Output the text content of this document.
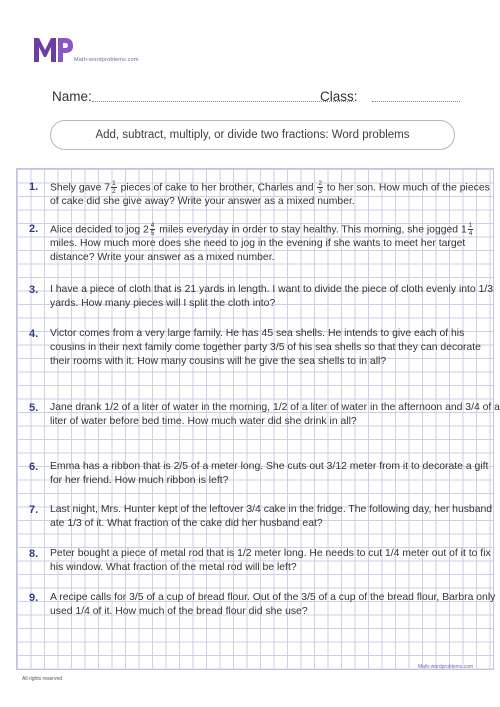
Math-wordproblems.com
Name:	Class:
Add, subtract, multiply, or divide two fractions: Word problems
1. Shely gave $7 \frac{1}{2}$ pieces of cake to her brother, Charles and $\frac{2}{3}$ to her son. How much of the pieces of cake did she give away? Write your answer as a mixed number.
2. Alice decided to jog $2 \frac{4}{5}$ miles everyday in order to stay healthy. This morning, she jogged $1 \frac{1}{4}$
miles. How much more does she need to jog in the evening if she wants to meet her target distance? Write your answer as a mixed number.
3. I have a piece of cloth that is 21 yards in length. I want to divide the piece of cloth evenly into 1/3 yards. How many pieces will I split the cloth into?
4. Victor comes from a very large family. He has 45 sea shells. He intends to give each of his cousins in their next family come together party 3/5 of his sea shells so that they can decorate their rooms with it. How many cousins will he give the sea shells to in all?
5. Jane drank 1/2 of a liter of water in the morning, 1/2 of a liter of water in the afternoon and 3/4 of a liter of water before bed time. How much water did she drink in all?
6. Emma has a ribbon that is 2/5 of a meter long. She cuts out 3/12 meter from it to decorate a gift for her friend. How much ribbon is left?
7. Last night, Mrs. Hunter kept of the leftover 3/4 cake in the fridge. The following day, her husband ate 1/3 of it. What fraction of the cake did her husband eat?
8. Peter bought a piece of metal rod that is 1/2 meter long. He needs to cut 1/4 meter out of it to fix his window. What fraction of the metal rod will be left?
9. A recipe calls for 3/5 of a cup of bread flour. Out of the 3/5 of a cup of the bread flour, Barbra only used 1/4 of it. How much of the bread flour did she use?
Math-wordproblems.com
All rights reserved
